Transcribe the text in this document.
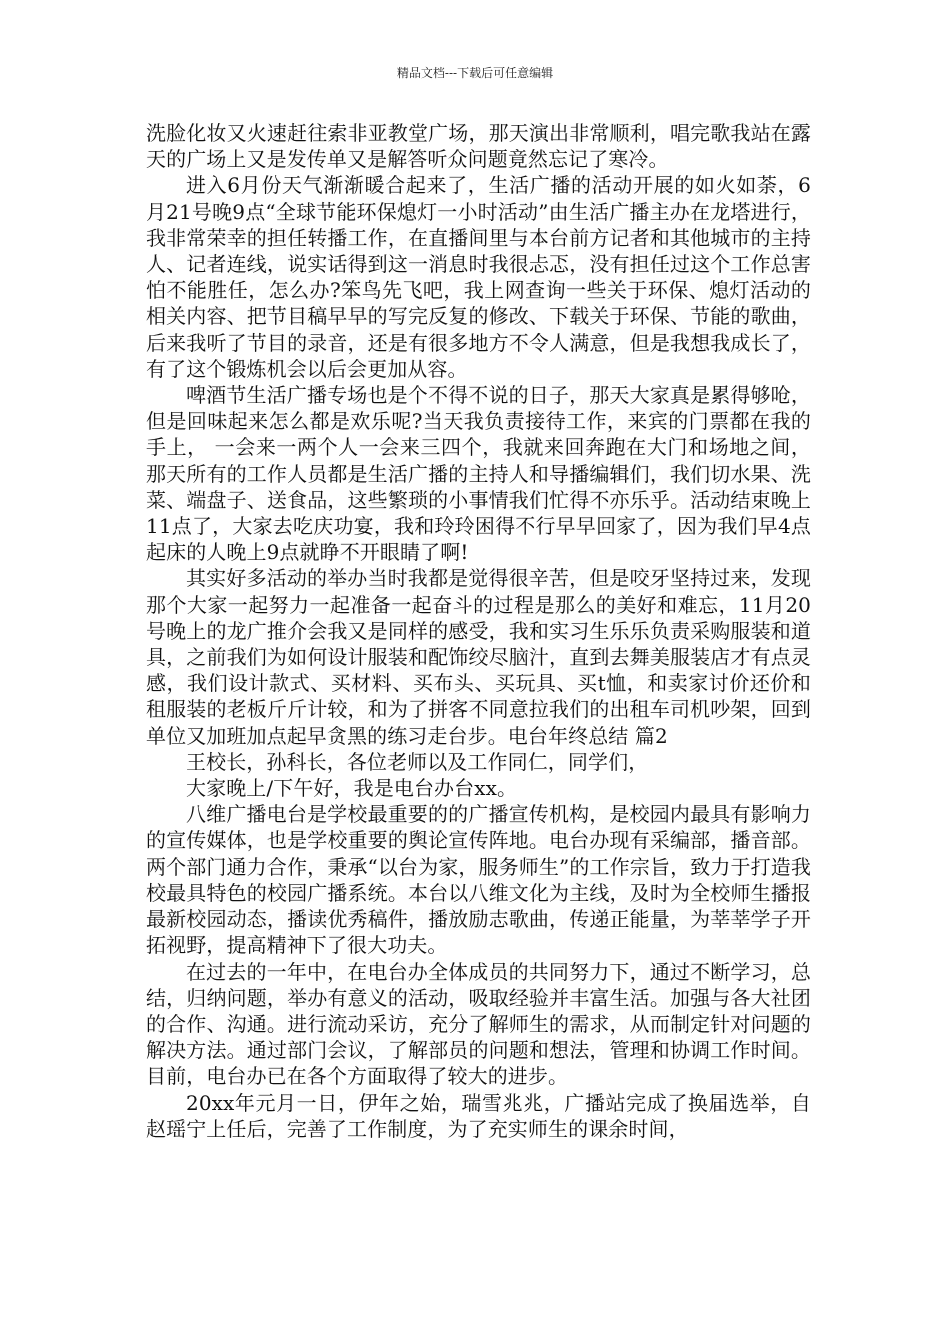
精品文档---下载后可任意编辑

洗脸化妆又火速赶往索非亚教堂广场，那天演出非常顺利，唱完歌我站在露天的广场上又是发传单又是解答听众问题竟然忘记了寒冷。

进入6月份天气渐渐暖合起来了，生活广播的活动开展的如火如荼，6月21号晚9点“全球节能环保熄灯一小时活动”由生活广播主办在龙塔进行，我非常荣幸的担任转播工作，在直播间里与本台前方记者和其他城市的主持人、记者连线，说实话得到这一消息时我很忐忑，没有担任过这个工作总害怕不能胜任，怎么办?笨鸟先飞吧，我上网查询一些关于环保、熄灯活动的相关内容、把节目稿早早的写完反复的修改、下载关于环保、节能的歌曲，后来我听了节目的录音，还是有很多地方不令人满意，但是我想我成长了，有了这个锻炼机会以后会更加从容。

啤酒节生活广播专场也是个不得不说的日子，那天大家真是累得够呛，但是回味起来怎么都是欢乐呢?当天我负责接待工作，来宾的门票都在我的手上， 一会来一两个人一会来三四个，我就来回奔跑在大门和场地之间，那天所有的工作人员都是生活广播的主持人和导播编辑们，我们切水果、洗菜、端盘子、送食品，这些繁琐的小事情我们忙得不亦乐乎。活动结束晚上11点了，大家去吃庆功宴，我和玲玲困得不行早早回家了，因为我们早4点起床的人晚上9点就睁不开眼睛了啊!

其实好多活动的举办当时我都是觉得很辛苦，但是咬牙坚持过来，发现那个大家一起努力一起准备一起奋斗的过程是那么的美好和难忘，11月20号晚上的龙广推介会我又是同样的感受，我和实习生乐乐负责采购服装和道具，之前我们为如何设计服装和配饰绞尽脑汁，直到去舞美服装店才有点灵感，我们设计款式、买材料、买布头、买玩具、买t恤，和卖家讨价还价和租服装的老板斤斤计较，和为了拼客不同意拉我们的出租车司机吵架，回到单位又加班加点起早贪黑的练习走台步。电台年终总结 篇2

王校长，孙科长，各位老师以及工作同仁，同学们，

大家晚上/下午好，我是电台办台xx。

八维广播电台是学校最重要的的广播宣传机构，是校园内最具有影响力的宣传媒体，也是学校重要的舆论宣传阵地。电台办现有采编部，播音部。两个部门通力合作，秉承“以台为家，服务师生”的工作宗旨，致力于打造我校最具特色的校园广播系统。本台以八维文化为主线，及时为全校师生播报最新校园动态，播读优秀稿件，播放励志歌曲，传递正能量，为莘莘学子开拓视野，提高精神下了很大功夫。

在过去的一年中，在电台办全体成员的共同努力下，通过不断学习，总结，归纳问题，举办有意义的活动，吸取经验并丰富生活。加强与各大社团的合作、沟通。进行流动采访，充分了解师生的需求，从而制定针对问题的解决方法。通过部门会议，了解部员的问题和想法，管理和协调工作时间。目前，电台办已在各个方面取得了较大的进步。

20xx年元月一日，伊年之始，瑞雪兆兆，广播站完成了换届选举，自赵瑶宁上任后，完善了工作制度，为了充实师生的课余时间，
